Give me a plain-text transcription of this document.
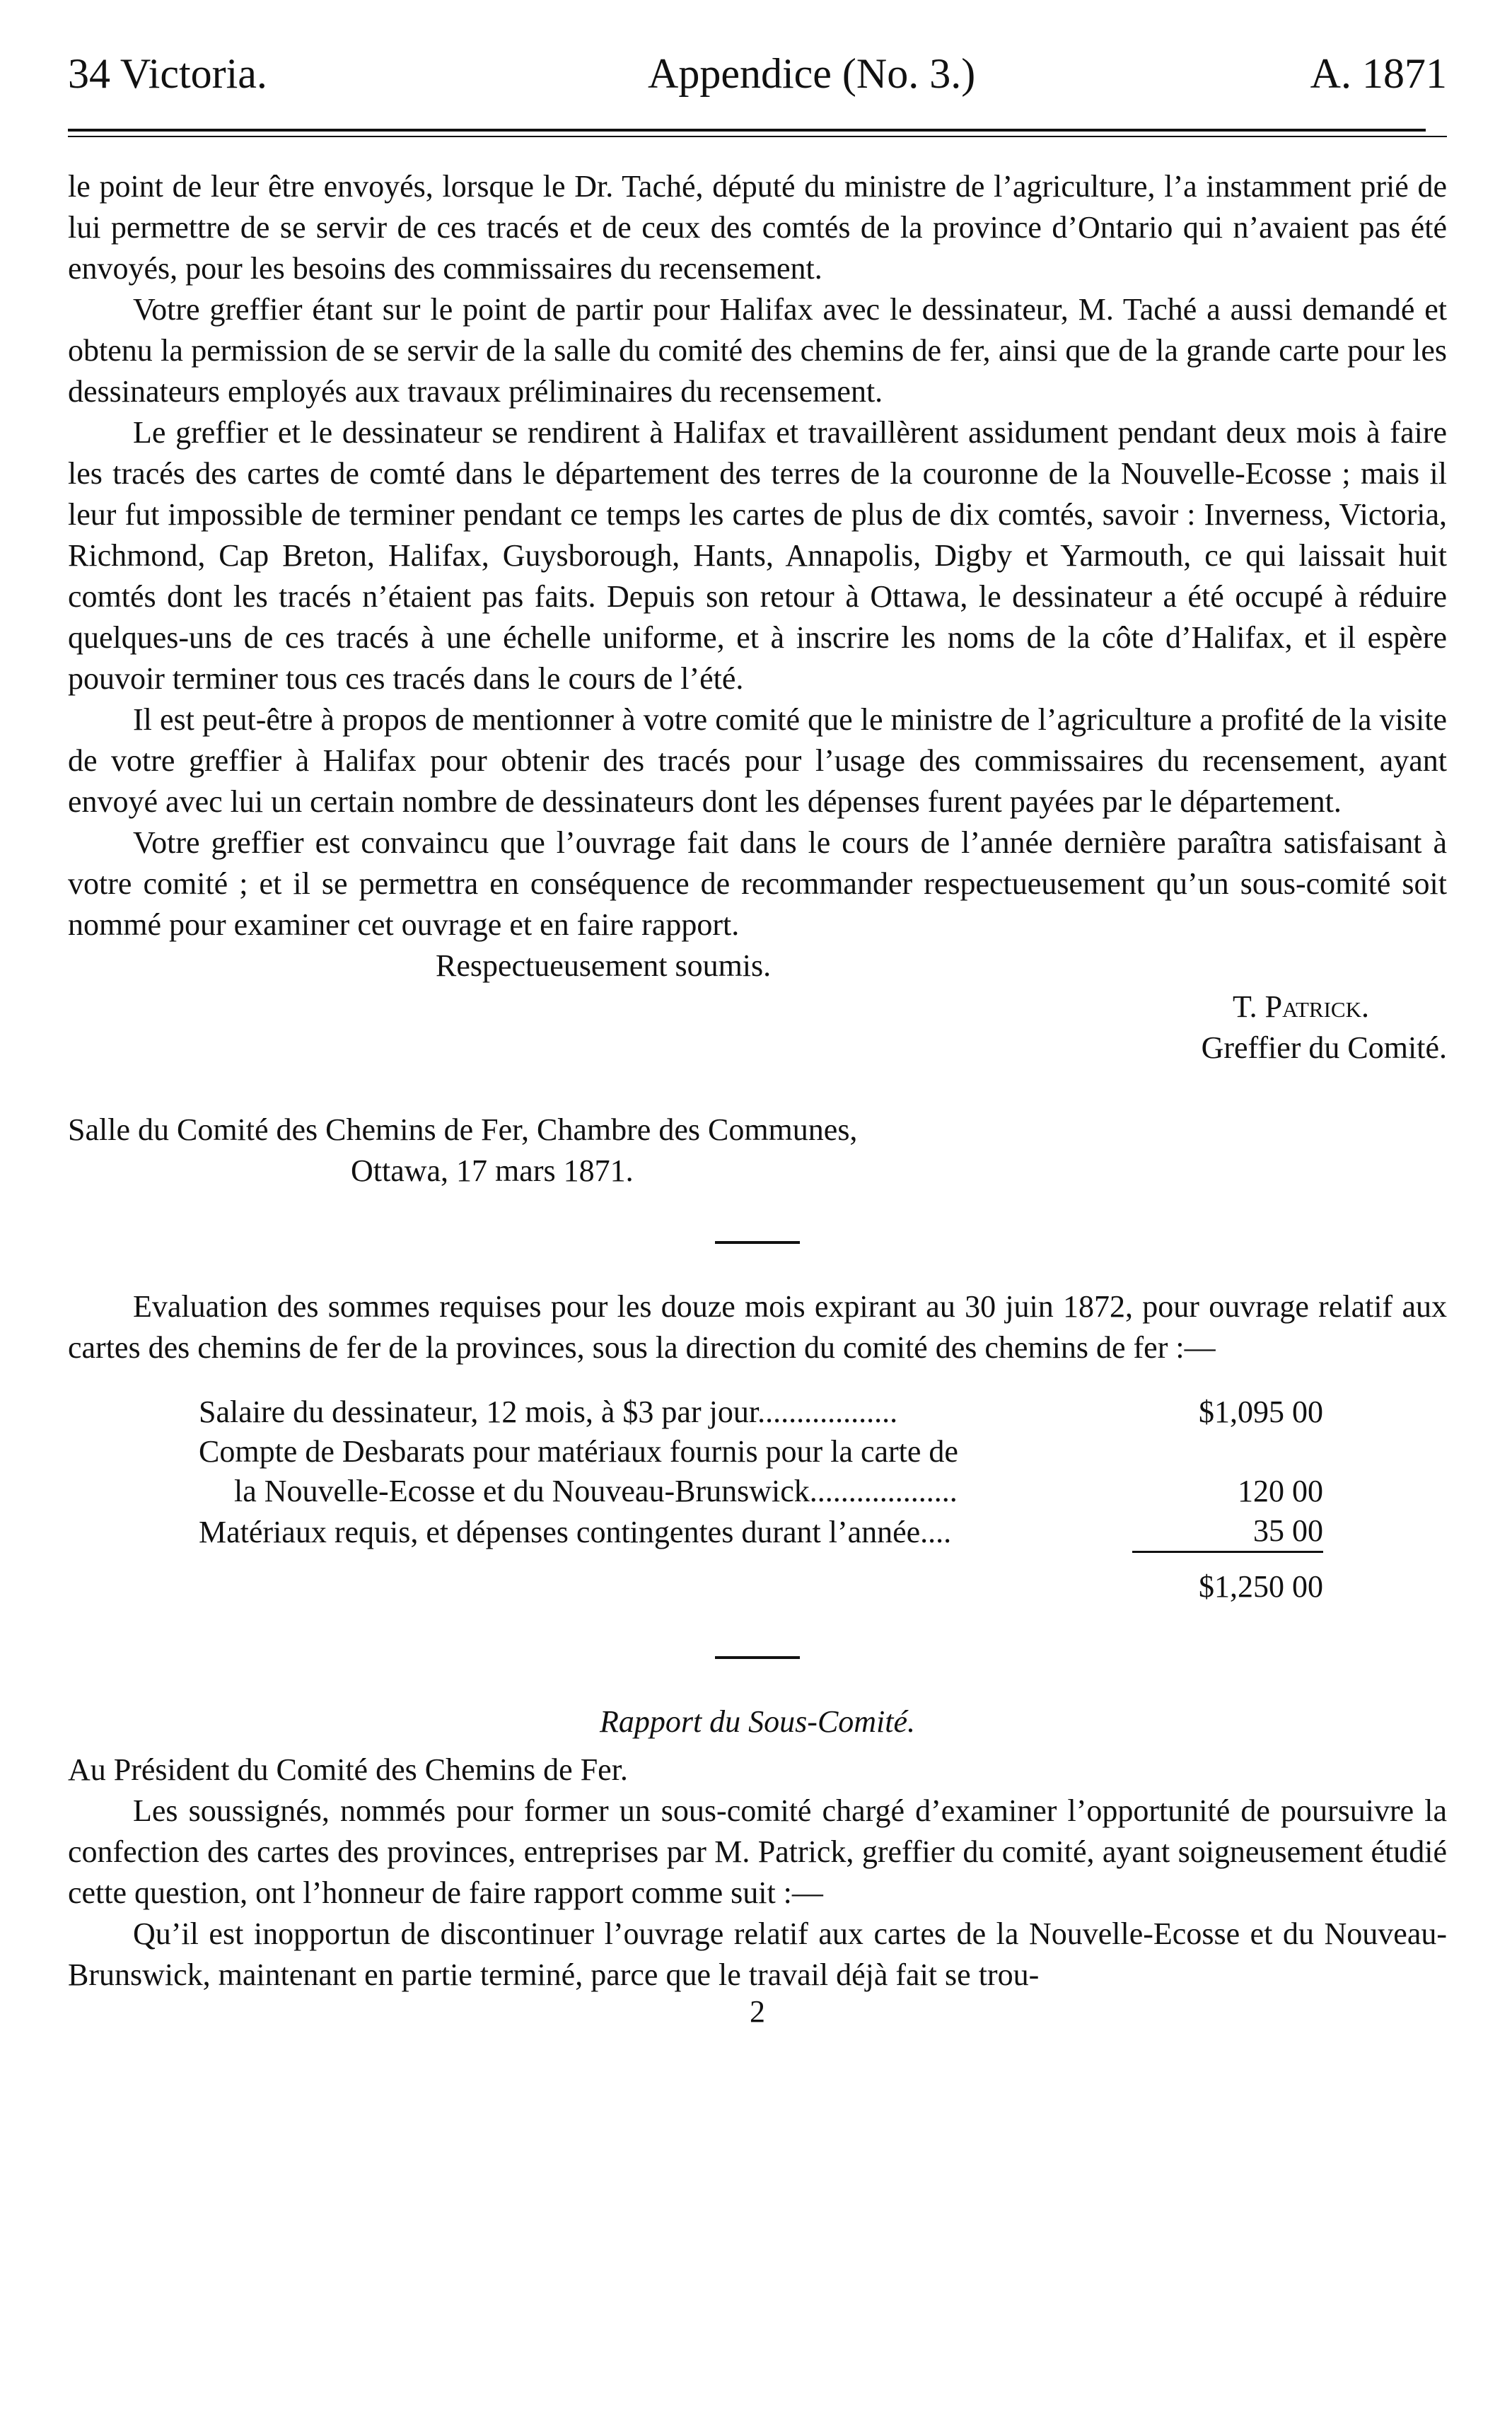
34 Victoria.	Appendice (No. 3.)	A. 1871

le point de leur être envoyés, lorsque le Dr. Taché, député du ministre de l’agriculture, l’a instamment prié de lui permettre de se servir de ces tracés et de ceux des comtés de la province d’Ontario qui n’avaient pas été envoyés, pour les besoins des commissaires du recensement.

Votre greffier étant sur le point de partir pour Halifax avec le dessinateur, M. Taché a aussi demandé et obtenu la permission de se servir de la salle du comité des chemins de fer, ainsi que de la grande carte pour les dessinateurs employés aux travaux préliminaires du recensement.

Le greffier et le dessinateur se rendirent à Halifax et travaillèrent assidument pendant deux mois à faire les tracés des cartes de comté dans le département des terres de la couronne de la Nouvelle-Ecosse ; mais il leur fut impossible de terminer pendant ce temps les cartes de plus de dix comtés, savoir : Inverness, Victoria, Richmond, Cap Breton, Halifax, Guysborough, Hants, Annapolis, Digby et Yarmouth, ce qui laissait huit comtés dont les tracés n’étaient pas faits. Depuis son retour à Ottawa, le dessinateur a été occupé à réduire quelques-uns de ces tracés à une échelle uniforme, et à inscrire les noms de la côte d’Halifax, et il espère pouvoir terminer tous ces tracés dans le cours de l’été.

Il est peut-être à propos de mentionner à votre comité que le ministre de l’agriculture a profité de la visite de votre greffier à Halifax pour obtenir des tracés pour l’usage des commissaires du recensement, ayant envoyé avec lui un certain nombre de dessinateurs dont les dépenses furent payées par le département.

Votre greffier est convaincu que l’ouvrage fait dans le cours de l’année dernière paraîtra satisfaisant à votre comité ; et il se permettra en conséquence de recommander respectueusement qu’un sous-comité soit nommé pour examiner cet ouvrage et en faire rapport.

Respectueusement soumis.

T. Patrick.
Greffier du Comité.
Salle du Comité des Chemins de Fer, Chambre des Communes,
Ottawa, 17 mars 1871.

Evaluation des sommes requises pour les douze mois expirant au 30 juin 1872, pour ouvrage relatif aux cartes des chemins de fer de la provinces, sous la direction du comité des chemins de fer :—

Salaire du dessinateur, 12 mois, à $3 par jour..................	$1,095 00
Compte de Desbarats pour matériaux fournis pour la carte de	
la Nouvelle-Ecosse et du Nouveau-Brunswick...................	120 00
Matériaux requis, et dépenses contingentes durant l’année....	35 00
	$1,250 00
Rapport du Sous-Comité.

Au Président du Comité des Chemins de Fer.

Les soussignés, nommés pour former un sous-comité chargé d’examiner l’opportunité de poursuivre la confection des cartes des provinces, entreprises par M. Patrick, greffier du comité, ayant soigneusement étudié cette question, ont l’honneur de faire rapport comme suit :—

Qu’il est inopportun de discontinuer l’ouvrage relatif aux cartes de la Nouvelle-Ecosse et du Nouveau-Brunswick, maintenant en partie terminé, parce que le travail déjà fait se trou-

2
